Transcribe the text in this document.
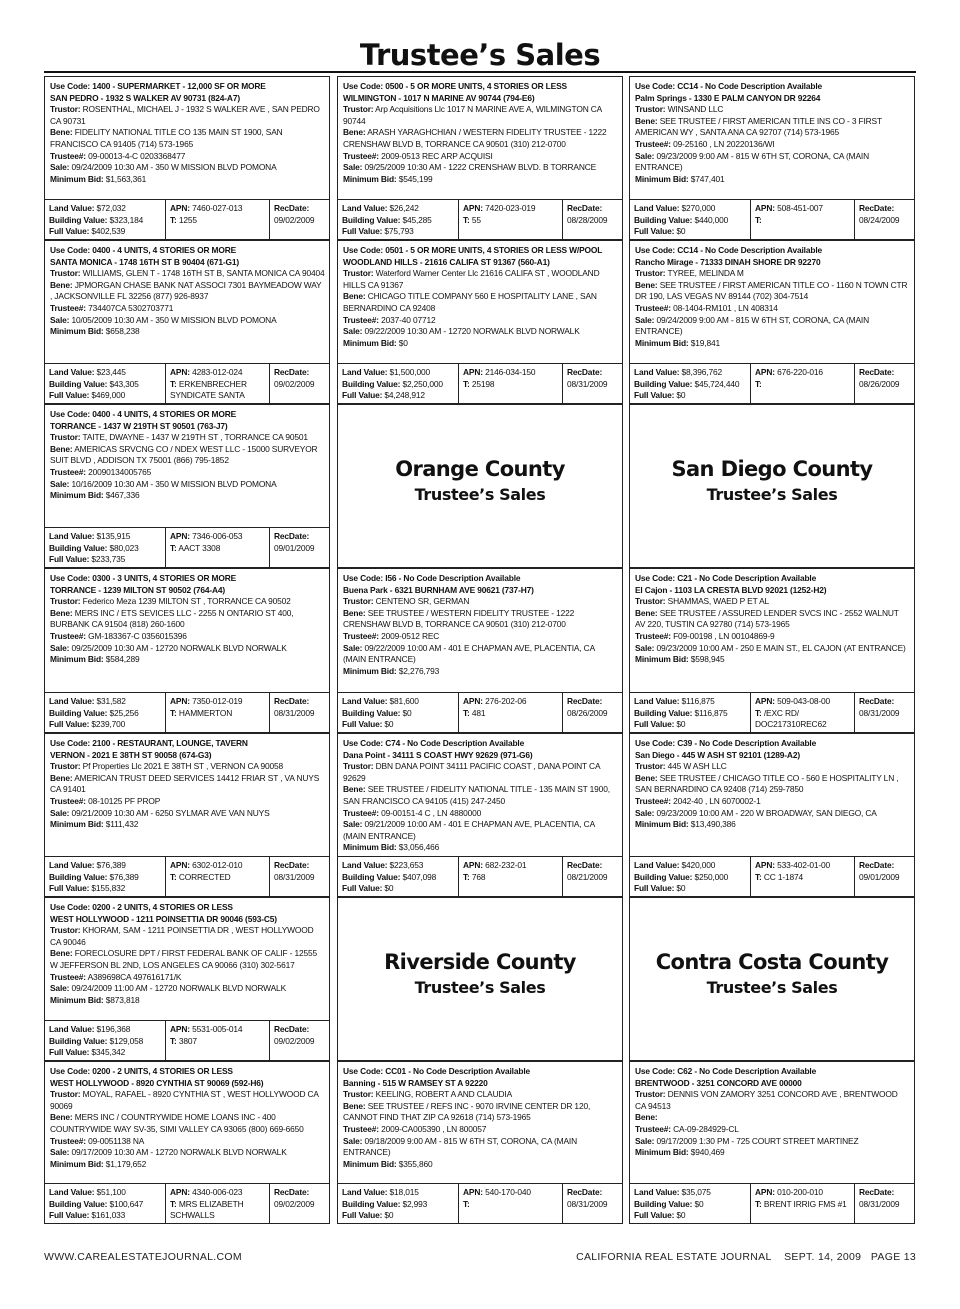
Trustee’s Sales
Use Code: 1400 - SUPERMARKET - 12,000 SF OR MORE
SAN PEDRO - 1932 S WALKER AV 90731 (824-A7)
Trustor: ROSENTHAL, MICHAEL J - 1932 S WALKER AVE , SAN PEDRO CA 90731
Bene: FIDELITY NATIONAL TITLE CO 135 MAIN ST 1900, SAN FRANCISCO CA 91405 (714) 573-1965
Trustee#: 09-00013-4-C 0203368477
Sale: 09/24/2009 10:30 AM - 350 W MISSION BLVD POMONA
Minimum Bid: $1,563,361
Land Value: $72,032
Building Value: $323,184
Full Value: $402,539
APN: 7460-027-013
T: 1255
RecDate:
09/02/2009
Use Code: 0400 - 4 UNITS, 4 STORIES OR MORE
SANTA MONICA - 1748 16TH ST B 90404 (671-G1)
Trustor: WILLIAMS, GLEN T - 1748 16TH ST B, SANTA MONICA CA 90404
Bene: JPMORGAN CHASE BANK NAT ASSOCI 7301 BAYMEADOW WAY , JACKSONVILLE FL 32256 (877) 926-8937
Trustee#: 734407CA 5302703771
Sale: 10/05/2009 10:30 AM - 350 W MISSION BLVD POMONA
Minimum Bid: $658,238
Land Value: $23,445
Building Value: $43,305
Full Value: $469,000
APN: 4283-012-024
T: ERKENBRECHER SYNDICATE SANTA
RecDate:
09/02/2009
Use Code: 0400 - 4 UNITS, 4 STORIES OR MORE
TORRANCE - 1437 W 219TH ST 90501 (763-J7)
Trustor: TAITE, DWAYNE - 1437 W 219TH ST , TORRANCE CA 90501
Bene: AMERICAS SRVCNG CO / NDEX WEST LLC - 15000 SURVEYOR SUIT BLVD , ADDISON TX 75001 (866) 795-1852
Trustee#: 20090134005765
Sale: 10/16/2009 10:30 AM - 350 W MISSION BLVD POMONA
Minimum Bid: $467,336
Land Value: $135,915
Building Value: $80,023
Full Value: $233,735
APN: 7346-006-053
T: AACT 3308
RecDate:
09/01/2009
Use Code: 0300 - 3 UNITS, 4 STORIES OR MORE
TORRANCE - 1239 MILTON ST 90502 (764-A4)
Trustor: Federico Meza 1239 MILTON ST , TORRANCE CA 90502
Bene: MERS INC / ETS SEVICES LLC - 2255 N ONTARIO ST 400, BURBANK CA 91504 (818) 260-1600
Trustee#: GM-183367-C 0356015396
Sale: 09/25/2009 10:30 AM - 12720 NORWALK BLVD NORWALK
Minimum Bid: $584,289
Land Value: $31,582
Building Value: $25,256
Full Value: $239,700
APN: 7350-012-019
T: HAMMERTON
RecDate:
08/31/2009
Use Code: 2100 - RESTAURANT, LOUNGE, TAVERN
VERNON - 2021 E 38TH ST 90058 (674-G3)
Trustor: Pf Properties Llc 2021 E 38TH ST , VERNON CA 90058
Bene: AMERICAN TRUST DEED SERVICES 14412 FRIAR ST , VA NUYS CA 91401
Trustee#: 08-10125 PF PROP
Sale: 09/21/2009 10:30 AM - 6250 SYLMAR AVE VAN NUYS
Minimum Bid: $111,432
Land Value: $76,389
Building Value: $76,389
Full Value: $155,832
APN: 6302-012-010
T: CORRECTED
RecDate:
08/31/2009
Use Code: 0200 - 2 UNITS, 4 STORIES OR LESS
WEST HOLLYWOOD - 1211 POINSETTIA DR 90046 (593-C5)
Trustor: KHORAM, SAM - 1211 POINSETTIA DR , WEST HOLLYWOOD CA 90046
Bene: FORECLOSURE DPT / FIRST FEDERAL BANK OF CALIF - 12555 W JEFFERSON BL 2ND, LOS ANGELES CA 90066 (310) 302-5617
Trustee#: A389698CA 497616171/K
Sale: 09/24/2009 11:00 AM - 12720 NORWALK BLVD NORWALK
Minimum Bid: $873,818
Land Value: $196,368
Building Value: $129,058
Full Value: $345,342
APN: 5531-005-014
T: 3807
RecDate:
09/02/2009
Use Code: 0200 - 2 UNITS, 4 STORIES OR LESS
WEST HOLLYWOOD - 8920 CYNTHIA ST 90069 (592-H6)
Trustor: MOYAL, RAFAEL - 8920 CYNTHIA ST , WEST HOLLYWOOD CA 90069
Bene: MERS INC / COUNTRYWIDE HOME LOANS INC - 400 COUNTRYWIDE WAY SV-35, SIMI VALLEY CA 93065 (800) 669-6650
Trustee#: 09-0051138 NA
Sale: 09/17/2009 10:30 AM - 12720 NORWALK BLVD NORWALK
Minimum Bid: $1,179,652
Land Value: $51,100
Building Value: $100,647
Full Value: $161,033
APN: 4340-006-023
T: MRS ELIZABETH SCHWALLS
RecDate:
09/02/2009
Use Code: 0500 - 5 OR MORE UNITS, 4 STORIES OR LESS
WILMINGTON - 1017 N MARINE AV 90744 (794-E6)
Trustor: Arp Acquisitions Llc 1017 N MARINE AVE A, WILMINGTON CA 90744
Bene: ARASH YARAGHCHIAN / WESTERN FIDELITY TRUSTEE - 1222 CRENSHAW BLVD B, TORRANCE CA 90501 (310) 212-0700
Trustee#: 2009-0513 REC ARP ACQUISI
Sale: 09/25/2009 10:30 AM - 1222 CRENSHAW BLVD. B TORRANCE
Minimum Bid: $545,199
Land Value: $26,242
Building Value: $45,285
Full Value: $75,793
APN: 7420-023-019
T: 55
RecDate:
08/28/2009
Use Code: 0501 - 5 OR MORE UNITS, 4 STORIES OR LESS W/POOL
WOODLAND HILLS - 21616 CALIFA ST 91367 (560-A1)
Trustor: Waterford Warner Center Llc 21616 CALIFA ST , WOODLAND HILLS CA 91367
Bene: CHICAGO TITLE COMPANY 560 E HOSPITALITY LANE , SAN BERNARDINO CA 92408
Trustee#: 2037-40 07712
Sale: 09/22/2009 10:30 AM - 12720 NORWALK BLVD NORWALK
Minimum Bid: $0
Land Value: $1,500,000
Building Value: $2,250,000
Full Value: $4,248,912
APN: 2146-034-150
T: 25198
RecDate:
08/31/2009
Orange County
Trustee’s Sales
Use Code: I56 - No Code Description Available
Buena Park - 6321 BURNHAM AVE 90621 (737-H7)
Trustor: CENTENO SR, GERMAN
Bene: SEE TRUSTEE / WESTERN FIDELITY TRUSTEE - 1222 CRENSHAW BLVD B, TORRANCE CA 90501 (310) 212-0700
Trustee#: 2009-0512 REC
Sale: 09/22/2009 10:00 AM - 401 E CHAPMAN AVE, PLACENTIA, CA (MAIN ENTRANCE)
Minimum Bid: $2,276,793
Land Value: $81,600
Building Value: $0
Full Value: $0
APN: 276-202-06
T: 481
RecDate:
08/26/2009
Use Code: C74 - No Code Description Available
Dana Point - 34111 S COAST HWY 92629 (971-G6)
Trustor: DBN DANA POINT 34111 PACIFIC COAST , DANA POINT CA 92629
Bene: SEE TRUSTEE / FIDELITY NATIONAL TITLE - 135 MAIN ST 1900, SAN FRANCISCO CA 94105 (415) 247-2450
Trustee#: 09-00151-4 C , LN 4880000
Sale: 09/21/2009 10:00 AM - 401 E CHAPMAN AVE, PLACENTIA, CA (MAIN ENTRANCE)
Minimum Bid: $3,056,466
Land Value: $223,653
Building Value: $407,098
Full Value: $0
APN: 682-232-01
T: 768
RecDate:
08/21/2009
Riverside County
Trustee’s Sales
Use Code: CC01 - No Code Description Available
Banning - 515 W RAMSEY ST A 92220
Trustor: KEELING, ROBERT A AND CLAUDIA
Bene: SEE TRUSTEE / REFS INC - 9070 IRVINE CENTER DR 120, CANNOT FIND THAT ZIP CA 92618 (714) 573-1965
Trustee#: 2009-CA005390 , LN 800057
Sale: 09/18/2009 9:00 AM - 815 W 6TH ST, CORONA, CA (MAIN ENTRANCE)
Minimum Bid: $355,860
Land Value: $18,015
Building Value: $2,993
Full Value: $0
APN: 540-170-040
T:
RecDate:
08/31/2009
Use Code: CC14 - No Code Description Available
Palm Springs - 1330 E PALM CANYON DR 92264
Trustor: WINSAND LLC
Bene: SEE TRUSTEE / FIRST AMERICAN TITLE INS CO - 3 FIRST AMERICAN WY , SANTA ANA CA 92707 (714) 573-1965
Trustee#: 09-25160 , LN 20220136/WI
Sale: 09/23/2009 9:00 AM - 815 W 6TH ST, CORONA, CA (MAIN ENTRANCE)
Minimum Bid: $747,401
Land Value: $270,000
Building Value: $440,000
Full Value: $0
APN: 508-451-007
T:
RecDate:
08/24/2009
Use Code: CC14 - No Code Description Available
Rancho Mirage - 71333 DINAH SHORE DR 92270
Trustor: TYREE, MELINDA M
Bene: SEE TRUSTEE / FIRST AMERICAN TITLE CO - 1160 N TOWN CTR DR 190, LAS VEGAS NV 89144 (702) 304-7514
Trustee#: 08-1404-RM101 , LN 408314
Sale: 09/24/2009 9:00 AM - 815 W 6TH ST, CORONA, CA (MAIN ENTRANCE)
Minimum Bid: $19,841
Land Value: $8,396,762
Building Value: $45,724,440
Full Value: $0
APN: 676-220-016
T:
RecDate:
08/26/2009
San Diego County
Trustee’s Sales
Use Code: C21 - No Code Description Available
El Cajon - 1103 LA CRESTA BLVD 92021 (1252-H2)
Trustor: SHAMMAS, WAED P ET AL
Bene: SEE TRUSTEE / ASSURED LENDER SVCS INC - 2552 WALNUT AV 220, TUSTIN CA 92780 (714) 573-1965
Trustee#: F09-00198 , LN 00104869-9
Sale: 09/23/2009 10:00 AM - 250 E MAIN ST., EL CAJON (AT ENTRANCE)
Minimum Bid: $598,945
Land Value: $116,875
Building Value: $116,875
Full Value: $0
APN: 509-043-08-00
T: /EXC RD/ DOC217310REC62
RecDate:
08/31/2009
Use Code: C39 - No Code Description Available
San Diego - 445 W ASH ST 92101 (1289-A2)
Trustor: 445 W ASH LLC
Bene: SEE TRUSTEE / CHICAGO TITLE CO - 560 E HOSPITALITY LN , SAN BERNARDINO CA 92408 (714) 259-7850
Trustee#: 2042-40 , LN 6070002-1
Sale: 09/23/2009 10:00 AM - 220 W BROADWAY, SAN DIEGO, CA
Minimum Bid: $13,490,386
Land Value: $420,000
Building Value: $250,000
Full Value: $0
APN: 533-402-01-00
T: CC 1-1874
RecDate:
09/01/2009
Contra Costa County
Trustee’s Sales
Use Code: C62 - No Code Description Available
BRENTWOOD - 3251 CONCORD AVE 00000
Trustor: DENNIS VON ZAMORY 3251 CONCORD AVE , BRENTWOOD CA 94513
Bene:
Trustee#: CA-09-284929-CL
Sale: 09/17/2009 1:30 PM - 725 COURT STREET MARTINEZ
Minimum Bid: $940,469
Land Value: $35,075
Building Value: $0
Full Value: $0
APN: 010-200-010
T: BRENT IRRIG FMS #1
RecDate:
08/31/2009
WWW.CAREALESTATEJOURNAL.COM	CALIFORNIA REAL ESTATE JOURNAL    SEPT. 14, 2009   PAGE 13
